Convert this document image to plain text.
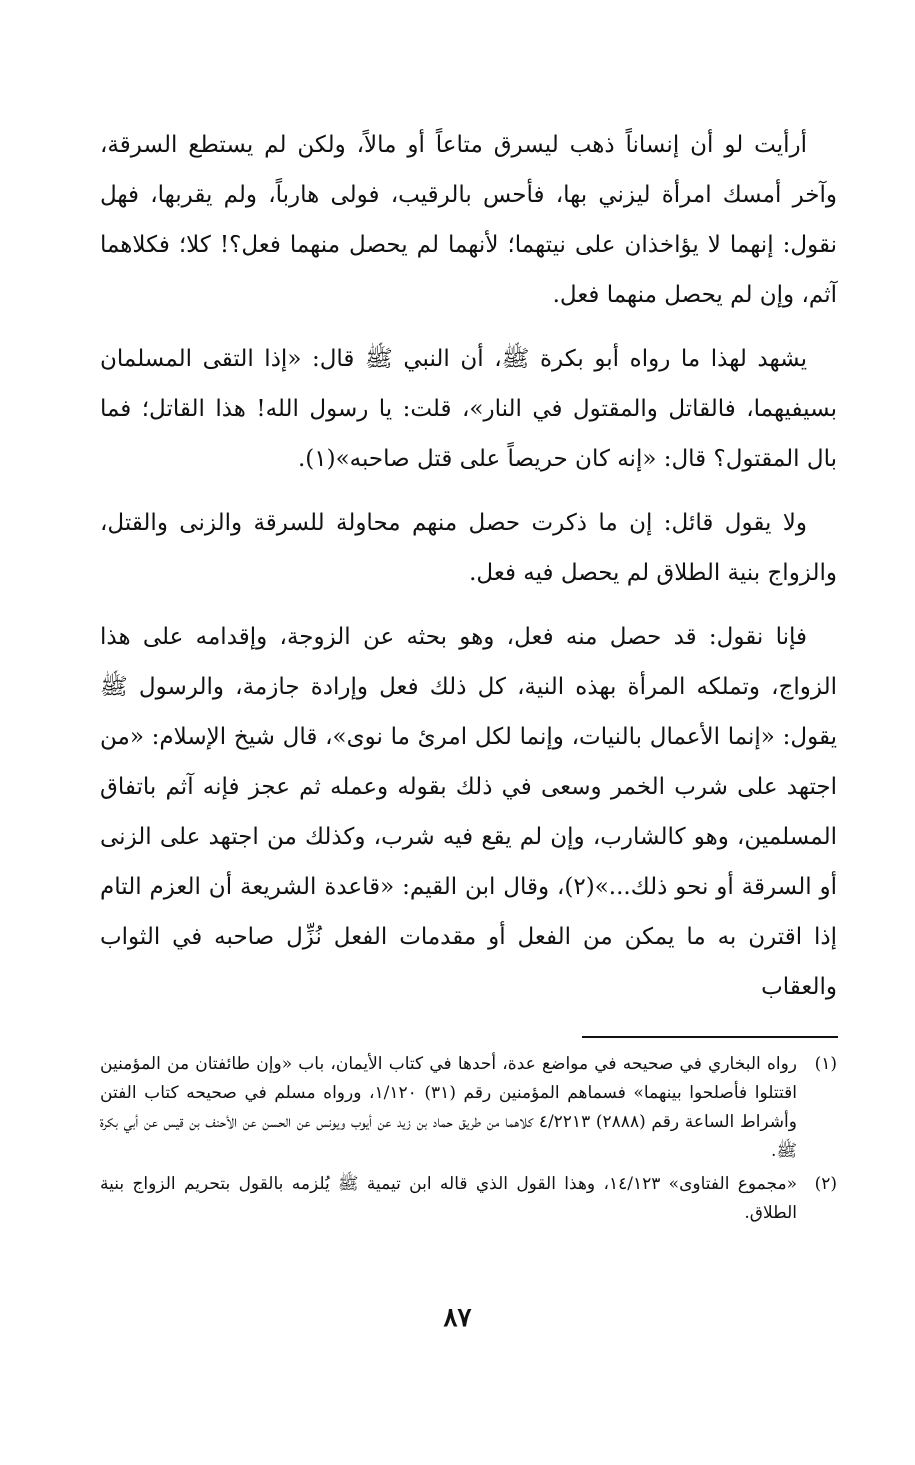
أرأيت لو أن إنساناً ذهب ليسرق متاعاً أو مالاً، ولكن لم يستطع السرقة، وآخر أمسك امرأة ليزني بها، فأحس بالرقيب، فولى هارباً، ولم يقربها، فهل نقول: إنهما لا يؤاخذان على نيتهما؛ لأنهما لم يحصل منهما فعل؟! كلا؛ فكلاهما آثم، وإن لم يحصل منهما فعل.

يشهد لهذا ما رواه أبو بكرة ﷺ، أن النبي ﷺ قال: «إذا التقى المسلمان بسيفيهما، فالقاتل والمقتول في النار»، قلت: يا رسول الله! هذا القاتل؛ فما بال المقتول؟ قال: «إنه كان حريصاً على قتل صاحبه»(١).

ولا يقول قائل: إن ما ذكرت حصل منهم محاولة للسرقة والزنى والقتل، والزواج بنية الطلاق لم يحصل فيه فعل.

فإنا نقول: قد حصل منه فعل، وهو بحثه عن الزوجة، وإقدامه على هذا الزواج، وتملكه المرأة بهذه النية، كل ذلك فعل وإرادة جازمة، والرسول ﷺ يقول: «إنما الأعمال بالنيات، وإنما لكل امرئ ما نوى»، قال شيخ الإسلام: «من اجتهد على شرب الخمر وسعى في ذلك بقوله وعمله ثم عجز فإنه آثم باتفاق المسلمين، وهو كالشارب، وإن لم يقع فيه شرب، وكذلك من اجتهد على الزنى أو السرقة أو نحو ذلك...»(٢)، وقال ابن القيم: «قاعدة الشريعة أن العزم التام إذا اقترن به ما يمكن من الفعل أو مقدمات الفعل نُزِّل صاحبه في الثواب والعقاب

(١)
رواه البخاري في صحيحه في مواضع عدة، أحدها في كتاب الأيمان، باب «وإن طائفتان من المؤمنين اقتتلوا فأصلحوا بينهما» فسماهم المؤمنين رقم (٣١) ١/١٢٠، ورواه مسلم في صحيحه كتاب الفتن وأشراط الساعة رقم (٢٨٨٨) ٤/٢٢١٣ كلاهما من طريق حماد بن زيد عن أيوب ويونس عن الحسن عن الأحنف بن قيس عن أبي بكرة ﷺ.
(٢)
«مجموع الفتاوى» ١٤/١٢٣، وهذا القول الذي قاله ابن تيمية ﷺ يُلزمه بالقول بتحريم الزواج بنية الطلاق.
٨٧
